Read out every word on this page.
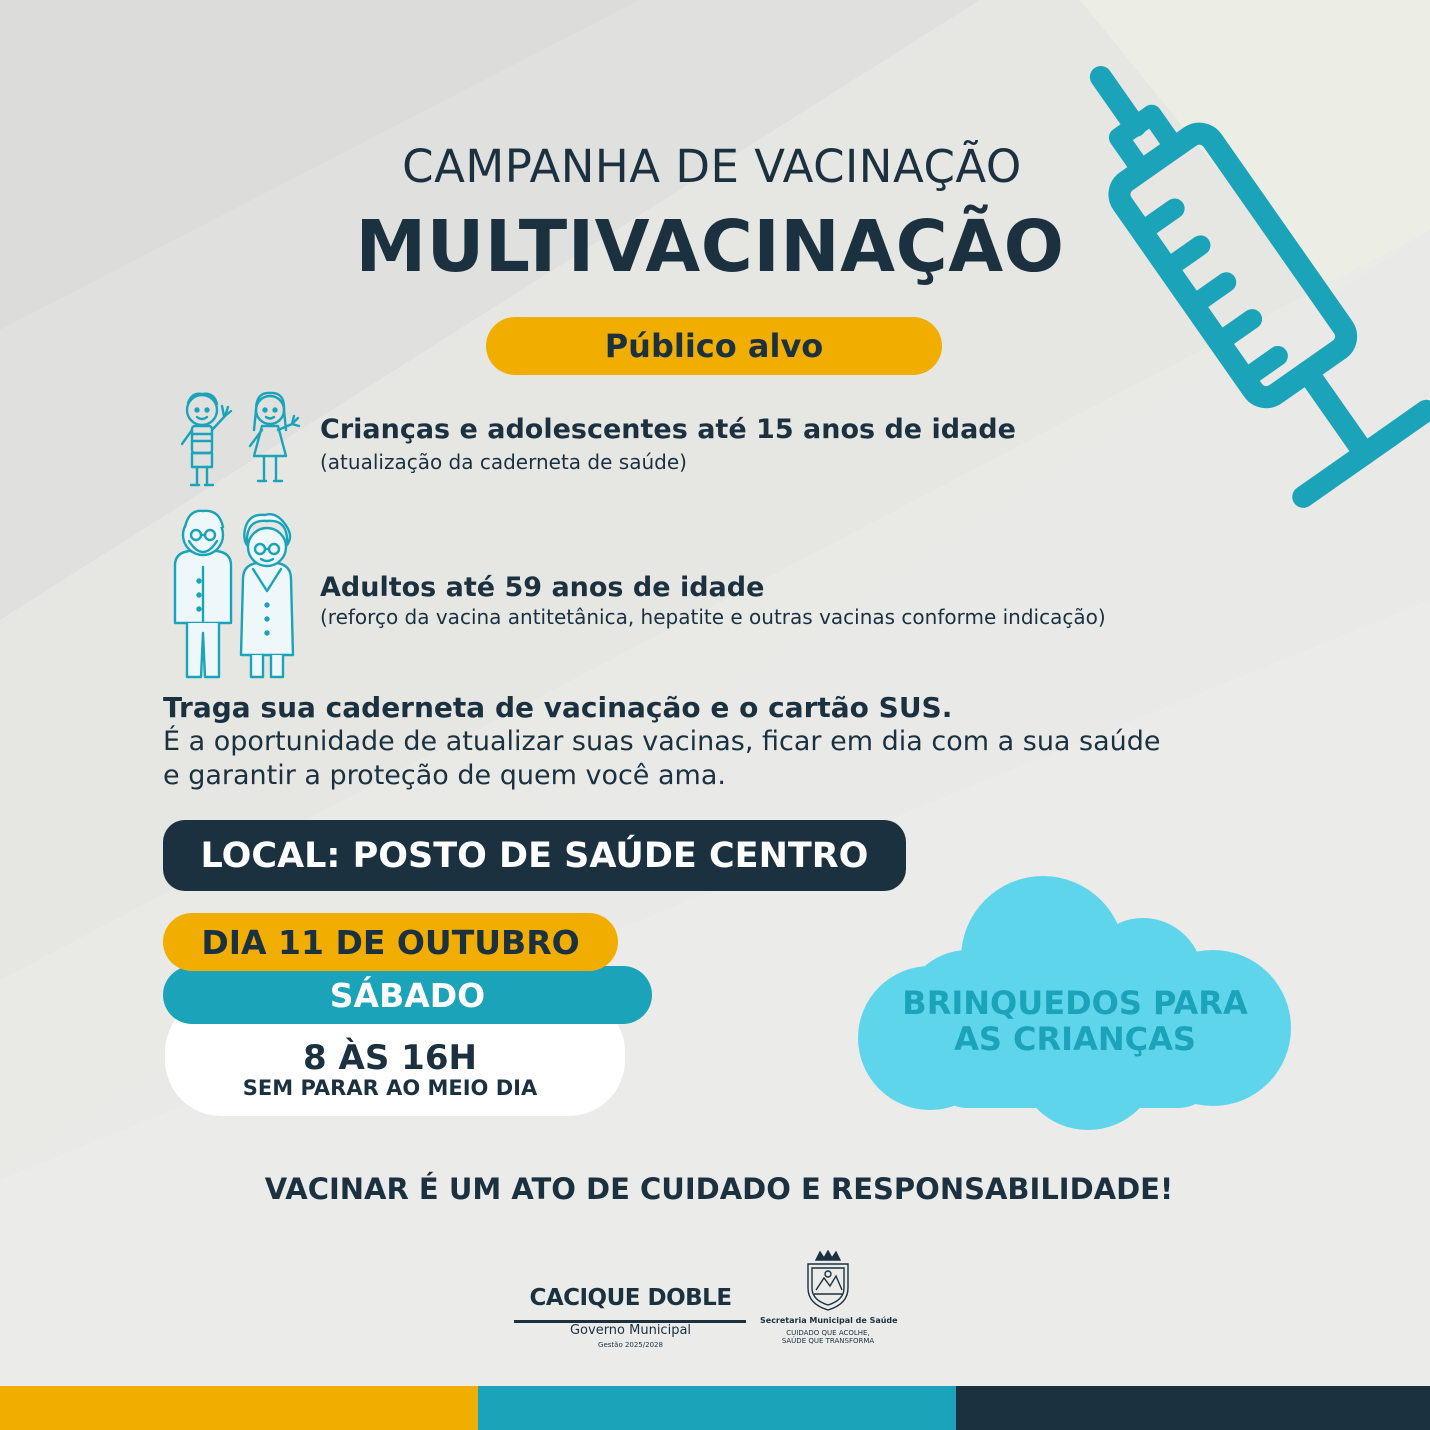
CAMPANHA DE VACINAÇÃO
MULTIVACINAÇÃO
Público alvo
Crianças e adolescentes até 15 anos de idade
(atualização da caderneta de saúde)
Adultos até 59 anos de idade
(reforço da vacina antitetânica, hepatite e outras vacinas conforme indicação)
Traga sua caderneta de vacinação e o cartão SUS.
É a oportunidade de atualizar suas vacinas, ficar em dia com a sua saúde
e garantir a proteção de quem você ama.
LOCAL: POSTO DE SAÚDE CENTRO
SÁBADO
DIA 11 DE OUTUBRO
8 ÀS 16H
SEM PARAR AO MEIO DIA
BRINQUEDOS PARA
AS CRIANÇAS
VACINAR É UM ATO DE CUIDADO E RESPONSABILIDADE!
CACIQUE DOBLE
Governo Municipal
Gestão 2025/2028
Secretaria Municipal de Saúde
CUIDADO QUE ACOLHE,
SAÚDE QUE TRANSFORMA
